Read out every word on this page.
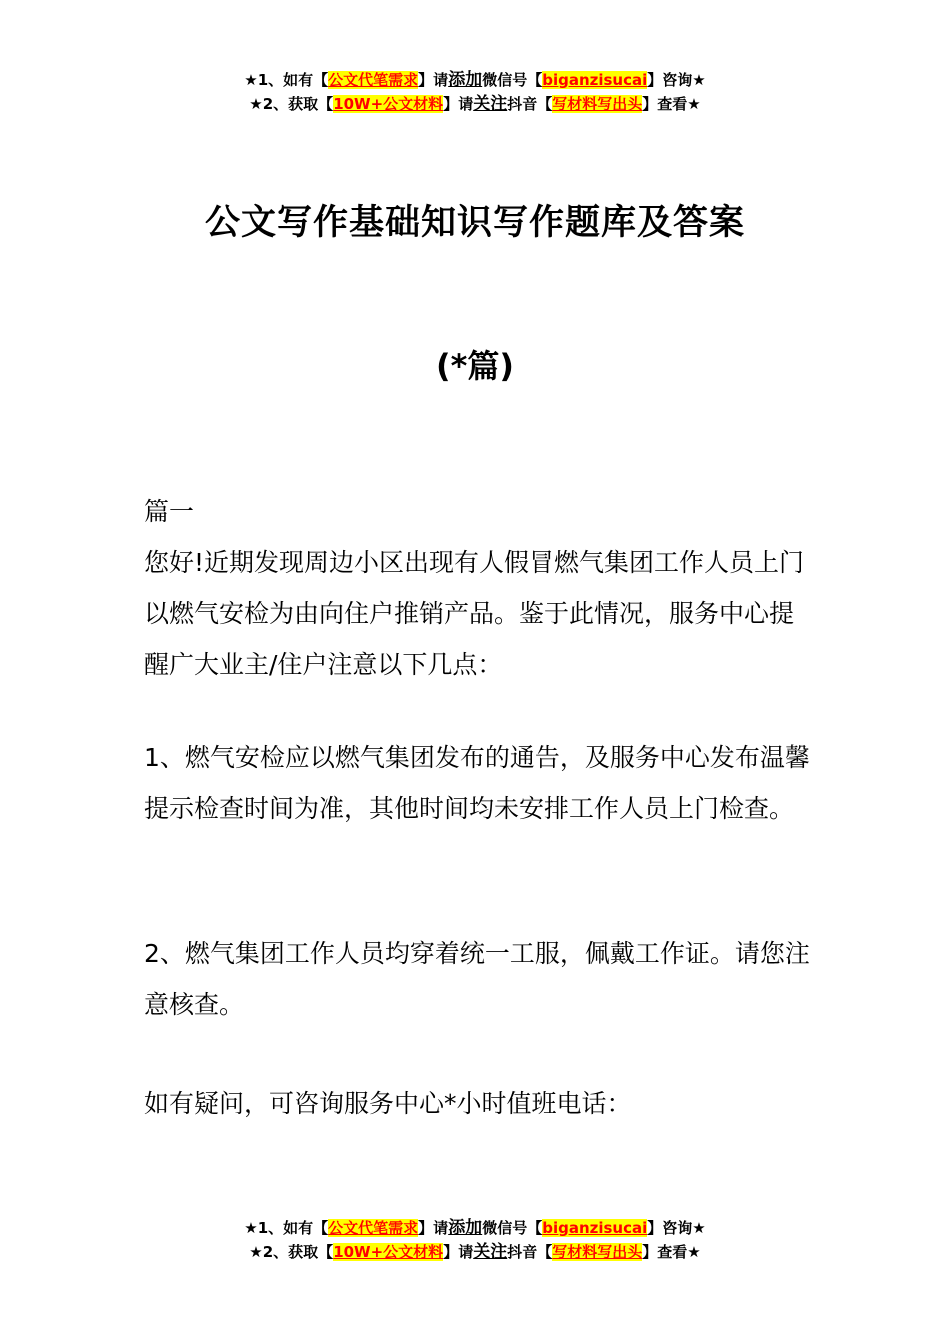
★1、如有【公文代笔需求】请添加微信号【biganzisucai】咨询★
★2、获取【10W+公文材料】请关注抖音【写材料写出头】查看★
公文写作基础知识写作题库及答案
(*篇)

篇一

您好!近期发现周边小区出现有人假冒燃气集团工作人员上门以燃气安检为由向住户推销产品。鉴于此情况，服务中心提醒广大业主/住户注意以下几点：

1、燃气安检应以燃气集团发布的通告，及服务中心发布温馨提示检查时间为准，其他时间均未安排工作人员上门检查。

2、燃气集团工作人员均穿着统一工服，佩戴工作证。请您注意核查。

如有疑问，可咨询服务中心*小时值班电话：

★1、如有【公文代笔需求】请添加微信号【biganzisucai】咨询★
★2、获取【10W+公文材料】请关注抖音【写材料写出头】查看★
